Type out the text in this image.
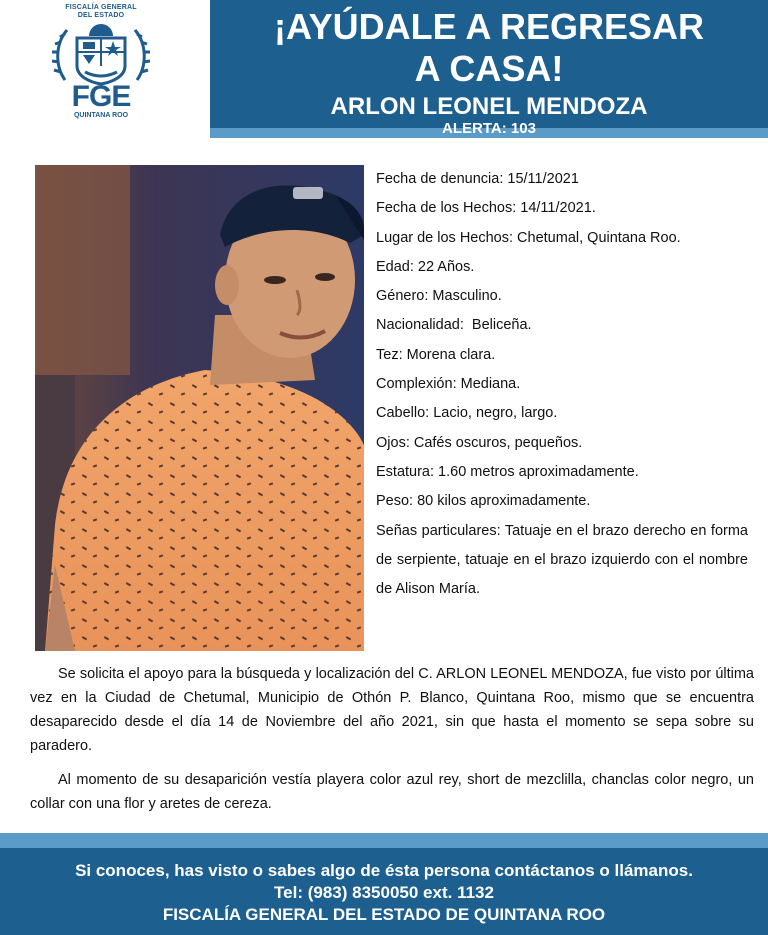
FISCALÍA GENERAL
DEL ESTADO
FGE
QUINTANA ROO
¡AYÚDALE A REGRESAR
A CASA!
ARLON LEONEL MENDOZA
ALERTA: 103
Fecha de denuncia: 15/11/2021
Fecha de los Hechos: 14/11/2021.
Lugar de los Hechos: Chetumal, Quintana Roo.
Edad: 22 Años.
Género: Masculino.
Nacionalidad:  Beliceña.
Tez: Morena clara.
Complexión: Mediana.
Cabello: Lacio, negro, largo.
Ojos: Cafés oscuros, pequeños.
Estatura: 1.60 metros aproximadamente.
Peso: 80 kilos aproximadamente.
Señas particulares: Tatuaje en el brazo derecho en forma de serpiente, tatuaje en el brazo izquierdo con el nombre de Alison María.
Se solicita el apoyo para la búsqueda y localización del C. ARLON LEONEL MENDOZA, fue visto por última vez en la Ciudad de Chetumal, Municipio de Othón P. Blanco, Quintana Roo, mismo que se encuentra desaparecido desde el día 14 de Noviembre del año 2021, sin que hasta el momento se sepa sobre su paradero.
Al momento de su desaparición vestía playera color azul rey, short de mezclilla, chanclas color negro, un collar con una flor y aretes de cereza.
Si conoces, has visto o sabes algo de ésta persona contáctanos o llámanos.
Tel: (983) 8350050 ext. 1132
FISCALÍA GENERAL DEL ESTADO DE QUINTANA ROO
